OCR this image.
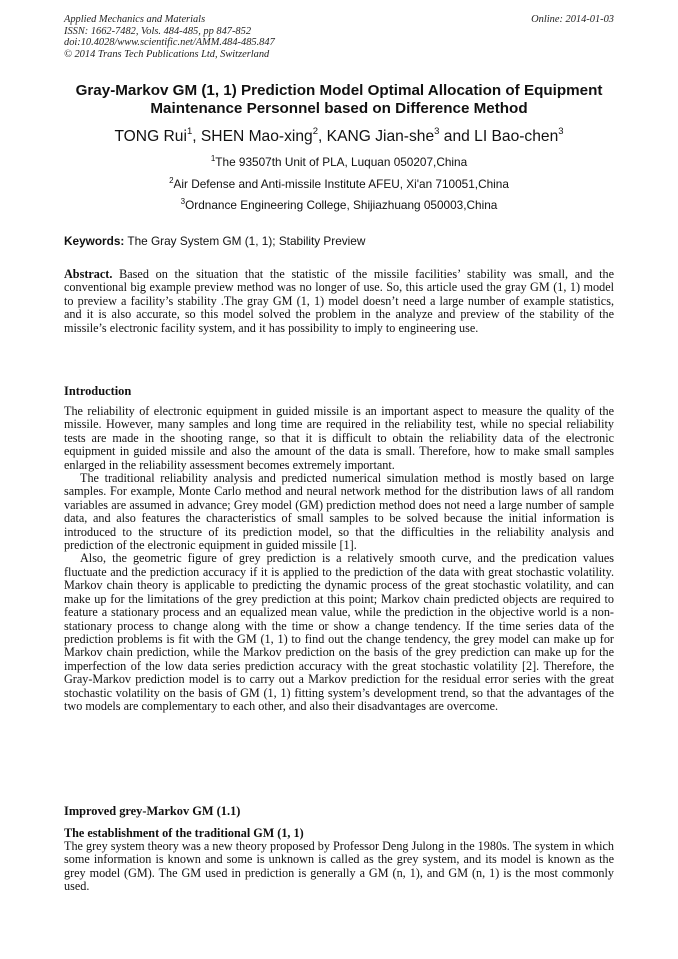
Applied Mechanics and Materials
ISSN: 1662-7482, Vols. 484-485, pp 847-852
doi:10.4028/www.scientific.net/AMM.484-485.847
© 2014 Trans Tech Publications Ltd, Switzerland
Online: 2014-01-03
Gray-Markov GM (1, 1) Prediction Model Optimal Allocation of Equipment
Maintenance Personnel based on Difference Method
TONG Rui$^1$, SHEN Mao-xing$^2$, KANG Jian-she$^3$ and LI Bao-chen$^3$
$^1$The 93507th Unit of PLA, Luquan 050207,China
$^2$Air Defense and Anti-missile Institute AFEU, Xi'an 710051,China
$^3$Ordnance Engineering College, Shijiazhuang 050003,China
Keywords: The Gray System GM (1, 1); Stability Preview

Abstract. Based on the situation that the statistic of the missile facilities’ stability was small, and the conventional big example preview method was no longer of use. So, this article used the gray GM (1, 1) model to preview a facility’s stability .The gray GM (1, 1) model doesn’t need a large number of example statistics, and it is also accurate, so this model solved the problem in the analyze and preview of the stability of the missile’s electronic facility system, and it has possibility to imply to engineering use.

Introduction

The reliability of electronic equipment in guided missile is an important aspect to measure the quality of the missile. However, many samples and long time are required in the reliability test, while no special reliability tests are made in the shooting range, so that it is difficult to obtain the reliability data of the electronic equipment in guided missile and also the amount of the data is small. Therefore, how to make small samples enlarged in the reliability assessment becomes extremely important.

The traditional reliability analysis and predicted numerical simulation method is mostly based on large samples. For example, Monte Carlo method and neural network method for the distribution laws of all random variables are assumed in advance; Grey model (GM) prediction method does not need a large number of sample data, and also features the characteristics of small samples to be solved because the initial information is introduced to the structure of its prediction model, so that the difficulties in the reliability analysis and prediction of the electronic equipment in guided missile [1].

Also, the geometric figure of grey prediction is a relatively smooth curve, and the predication values fluctuate and the prediction accuracy if it is applied to the prediction of the data with great stochastic volatility. Markov chain theory is applicable to predicting the dynamic process of the great stochastic volatility, and can make up for the limitations of the grey prediction at this point; Markov chain predicted objects are required to feature a stationary process and an equalized mean value, while the prediction in the objective world is a non-stationary process to change along with the time or show a change tendency. If the time series data of the prediction problems is fit with the GM (1, 1) to find out the change tendency, the grey model can make up for Markov chain prediction, while the Markov prediction on the basis of the grey prediction can make up for the imperfection of the low data series prediction accuracy with the great stochastic volatility [2]. Therefore, the Gray-Markov prediction model is to carry out a Markov prediction for the residual error series with the great stochastic volatility on the basis of GM (1, 1) fitting system’s development trend, so that the advantages of the two models are complementary to each other, and also their disadvantages are overcome.

Improved grey-Markov GM (1.1)
The establishment of the traditional GM (1, 1)

The grey system theory was a new theory proposed by Professor Deng Julong in the 1980s. The system in which some information is known and some is unknown is called as the grey system, and its model is known as the grey model (GM). The GM used in prediction is generally a GM (n, 1), and GM (n, 1) is the most commonly used.
